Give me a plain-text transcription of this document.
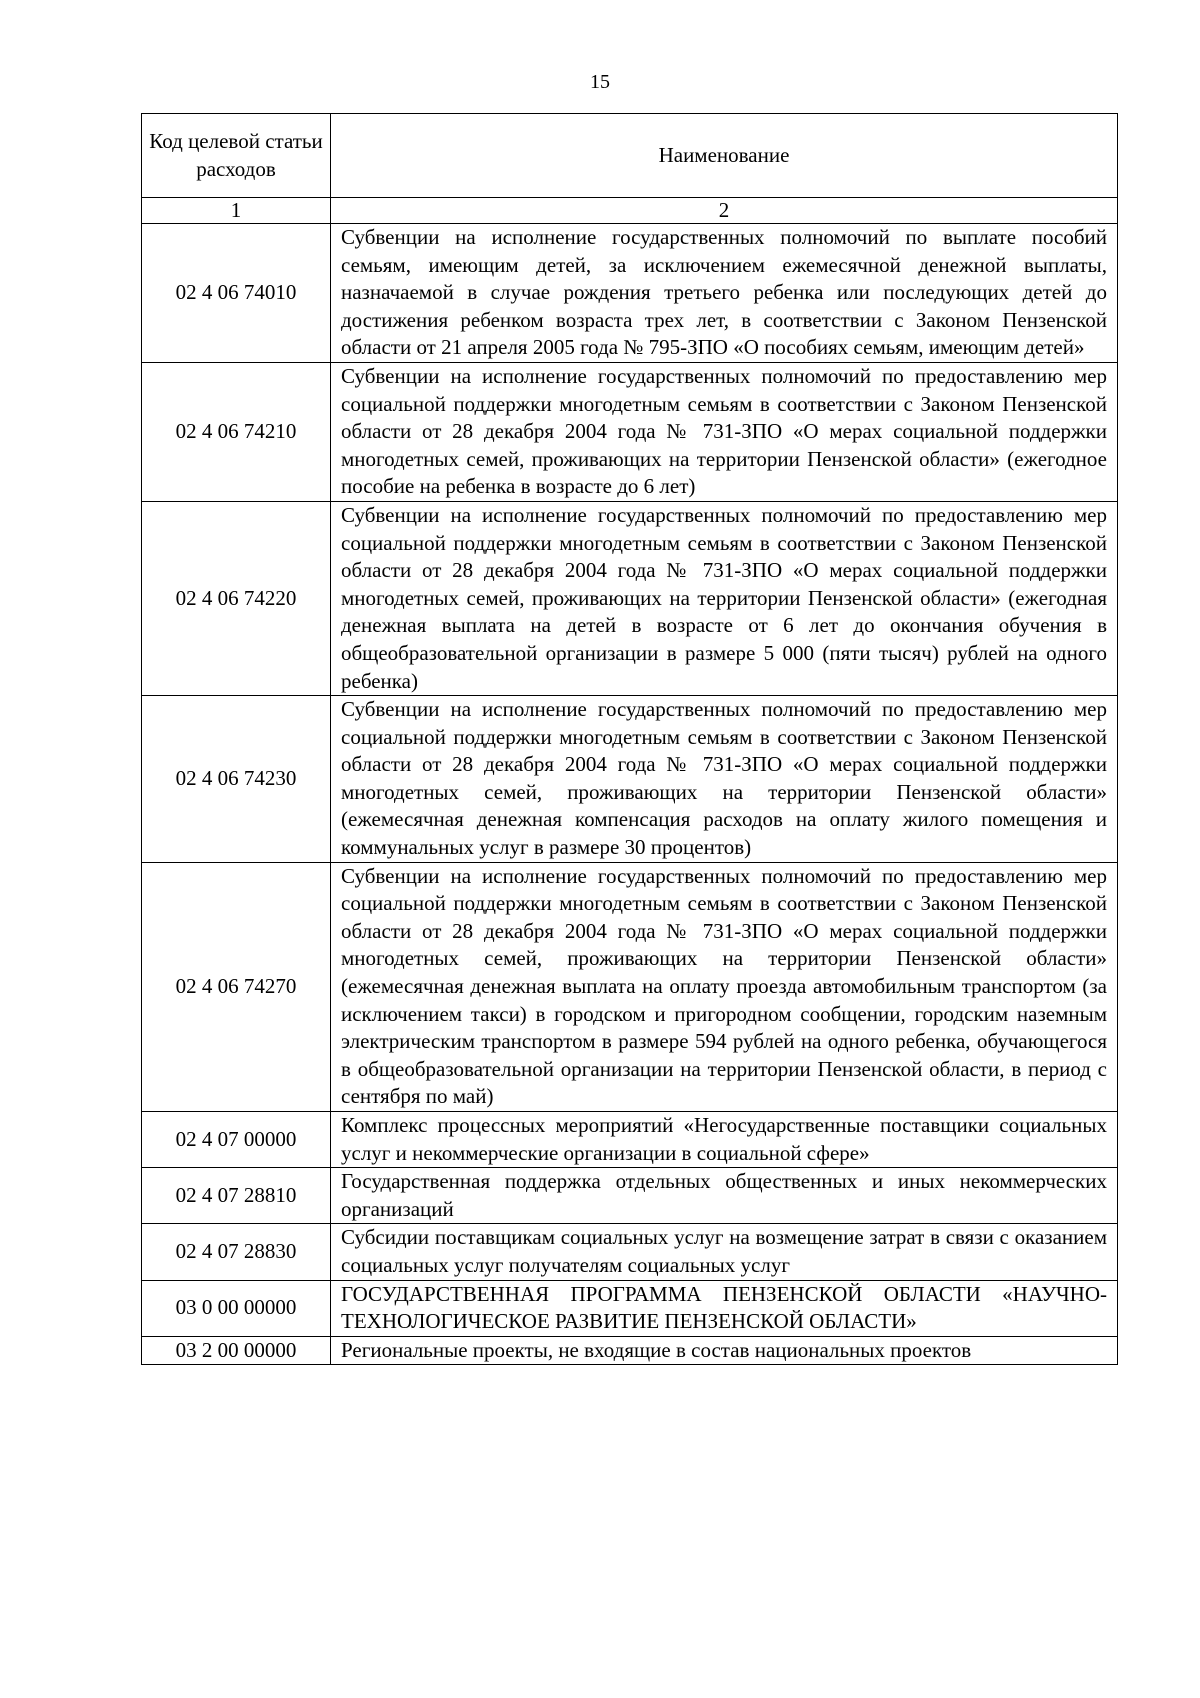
15
Код целевой статьи расходов	Наименование
1	2
02 4 06 74010	Субвенции на исполнение государственных полномочий по выплате пособий семьям, имеющим детей, за исключением ежемесячной денежной выплаты, назначаемой в случае рождения третьего ребенка или последующих детей до достижения ребенком возраста трех лет, в соответствии с Законом Пензенской области от 21 апреля 2005 года № 795-ЗПО «О пособиях семьям, имеющим детей»
02 4 06 74210	Субвенции на исполнение государственных полномочий по предоставлению мер социальной поддержки многодетным семьям в соответствии с Законом Пензенской области от 28 декабря 2004 года № 731-ЗПО «О мерах социальной поддержки многодетных семей, проживающих на территории Пензенской области» (ежегодное пособие на ребенка в возрасте до 6 лет)
02 4 06 74220	Субвенции на исполнение государственных полномочий по предоставлению мер социальной поддержки многодетным семьям в соответствии с Законом Пензенской области от 28 декабря 2004 года № 731-ЗПО «О мерах социальной поддержки многодетных семей, проживающих на территории Пензенской области» (ежегодная денежная выплата на детей в возрасте от 6 лет до окончания обучения в общеобразовательной организации в размере 5 000 (пяти тысяч) рублей на одного ребенка)
02 4 06 74230	Субвенции на исполнение государственных полномочий по предоставлению мер социальной поддержки многодетным семьям в соответствии с Законом Пензенской области от 28 декабря 2004 года № 731-ЗПО «О мерах социальной поддержки многодетных семей, проживающих на территории Пензенской области» (ежемесячная денежная компенсация расходов на оплату жилого помещения и коммунальных услуг в размере 30 процентов)
02 4 06 74270	Субвенции на исполнение государственных полномочий по предоставлению мер социальной поддержки многодетным семьям в соответствии с Законом Пензенской области от 28 декабря 2004 года № 731-ЗПО «О мерах социальной поддержки многодетных семей, проживающих на территории Пензенской области» (ежемесячная денежная выплата на оплату проезда автомобильным транспортом (за исключением такси) в городском и пригородном сообщении, городским наземным электрическим транспортом в размере 594 рублей на одного ребенка, обучающегося в общеобразовательной организации на территории Пензенской области, в период с сентября по май)
02 4 07 00000	Комплекс процессных мероприятий «Негосударственные поставщики социальных услуг и некоммерческие организации в социальной сфере»
02 4 07 28810	Государственная поддержка отдельных общественных и иных некоммерческих организаций
02 4 07 28830	Субсидии поставщикам социальных услуг на возмещение затрат в связи с оказанием социальных услуг получателям социальных услуг
03 0 00 00000	ГОСУДАРСТВЕННАЯ ПРОГРАММА ПЕНЗЕНСКОЙ ОБЛАСТИ «НАУЧНО-ТЕХНОЛОГИЧЕСКОЕ РАЗВИТИЕ ПЕНЗЕНСКОЙ ОБЛАСТИ»
03 2 00 00000	Региональные проекты, не входящие в состав национальных проектов
